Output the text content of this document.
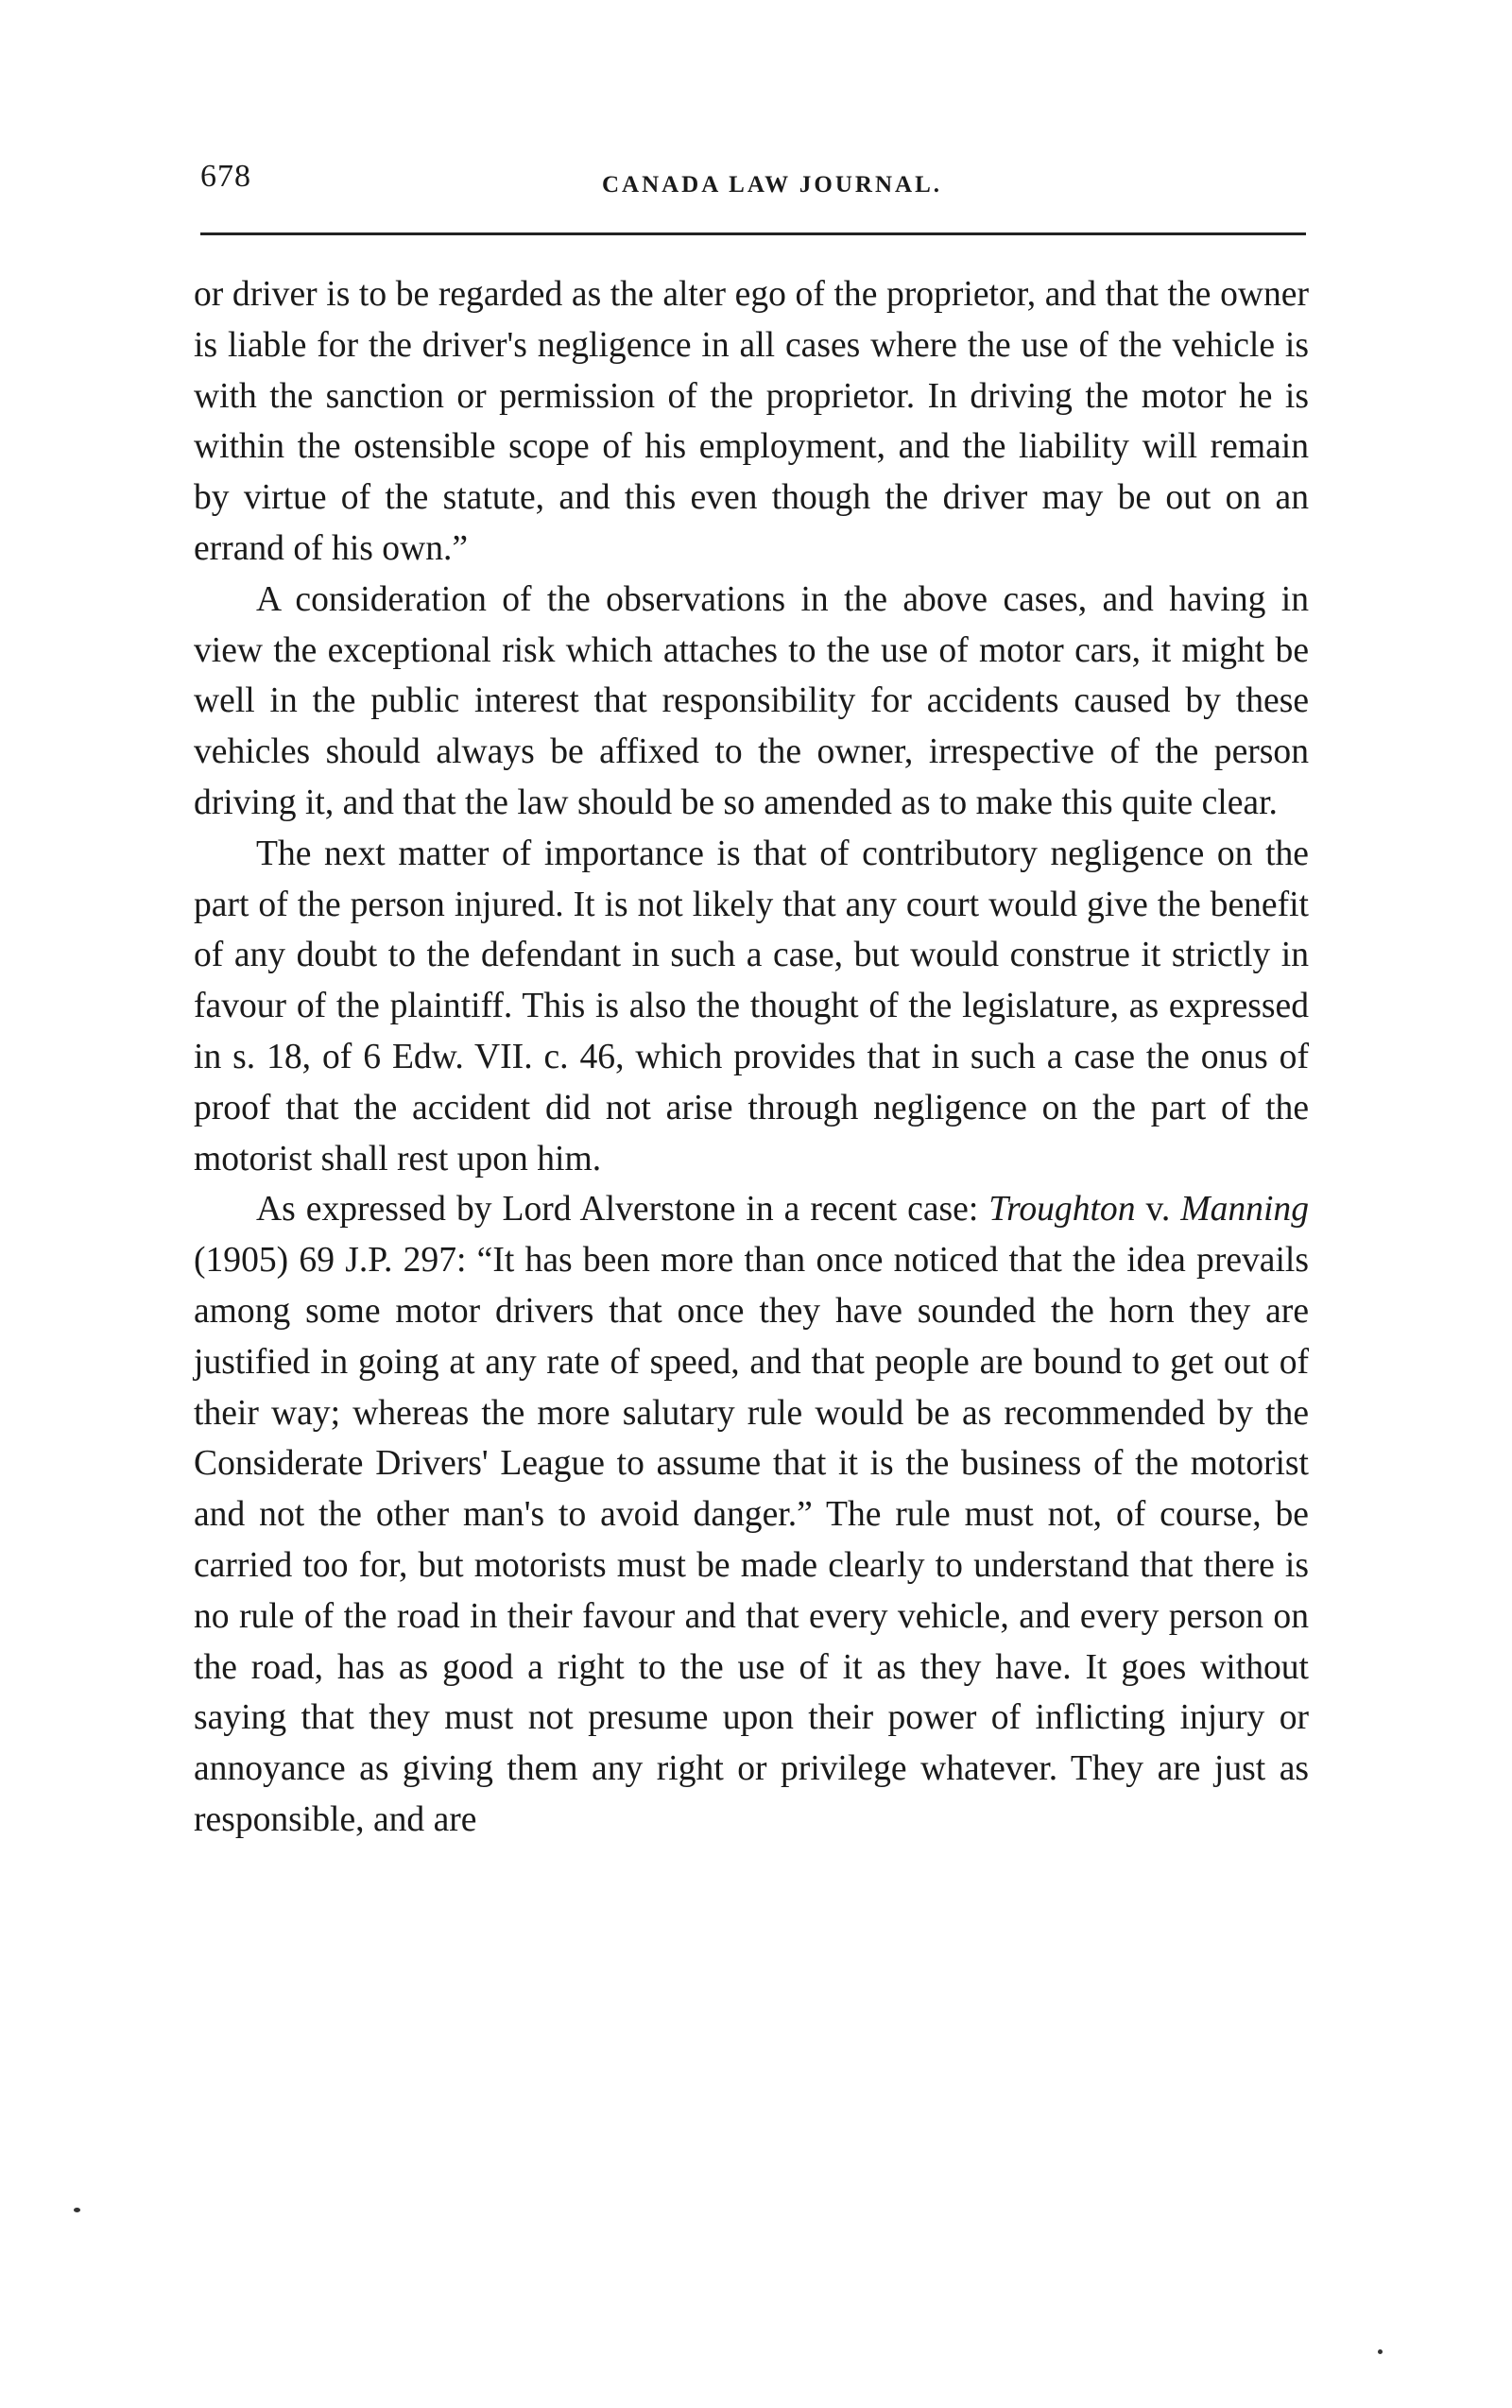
678	CANADA LAW JOURNAL.

or driver is to be regarded as the alter ego of the proprietor, and that the owner is liable for the driver's negligence in all cases where the use of the vehicle is with the sanction or permission of the proprietor. In driving the motor he is within the ostensible scope of his employment, and the liability will remain by virtue of the statute, and this even though the driver may be out on an errand of his own.”

A consideration of the observations in the above cases, and having in view the exceptional risk which attaches to the use of motor cars, it might be well in the public interest that responsibility for accidents caused by these vehicles should always be affixed to the owner, irrespective of the person driving it, and that the law should be so amended as to make this quite clear.

The next matter of importance is that of contributory negligence on the part of the person injured. It is not likely that any court would give the benefit of any doubt to the defendant in such a case, but would construe it strictly in favour of the plaintiff. This is also the thought of the legislature, as expressed in s. 18, of 6 Edw. VII. c. 46, which provides that in such a case the onus of proof that the accident did not arise through negligence on the part of the motorist shall rest upon him.

As expressed by Lord Alverstone in a recent case: Troughton v. Manning (1905) 69 J.P. 297: “It has been more than once noticed that the idea prevails among some motor drivers that once they have sounded the horn they are justified in going at any rate of speed, and that people are bound to get out of their way; whereas the more salutary rule would be as recommended by the Considerate Drivers' League to assume that it is the business of the motorist and not the other man's to avoid danger.” The rule must not, of course, be carried too for, but motorists must be made clearly to understand that there is no rule of the road in their favour and that every vehicle, and every person on the road, has as good a right to the use of it as they have. It goes without saying that they must not presume upon their power of inflicting injury or annoyance as giving them any right or privilege whatever. They are just as responsible, and are
